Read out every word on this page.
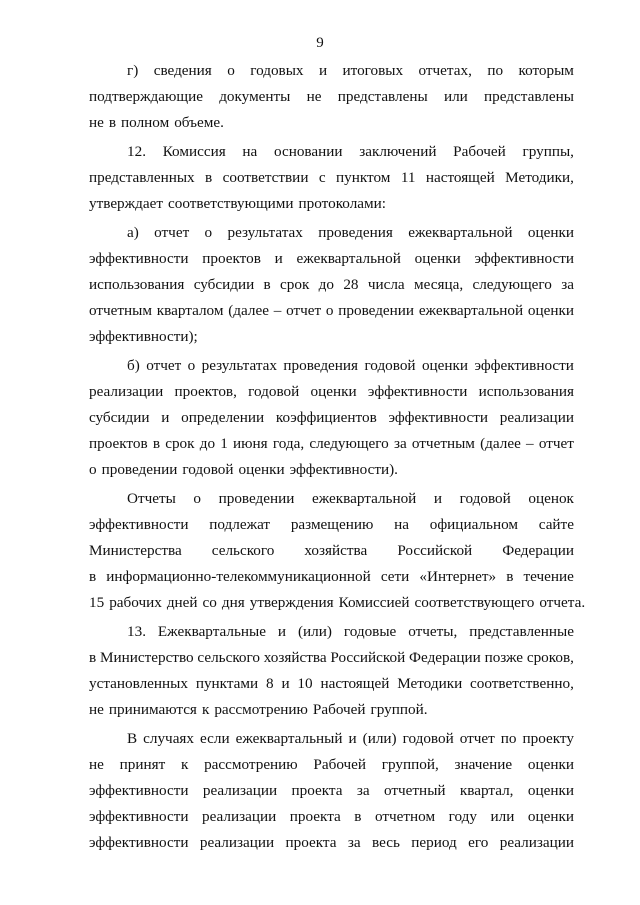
9
г) сведения о годовых и итоговых отчетах, по которым
подтверждающие документы не представлены или представлены
не в полном объеме.
12. Комиссия на основании заключений Рабочей группы,
представленных в соответствии с пунктом 11 настоящей Методики,
утверждает соответствующими протоколами:
а) отчет о результатах проведения ежеквартальной оценки
эффективности проектов и ежеквартальной оценки эффективности
использования субсидии в срок до 28 числа месяца, следующего за
отчетным кварталом (далее – отчет о проведении ежеквартальной оценки
эффективности);
б) отчет о результатах проведения годовой оценки эффективности
реализации проектов, годовой оценки эффективности использования
субсидии и определении коэффициентов эффективности реализации
проектов в срок до 1 июня года, следующего за отчетным (далее – отчет
о проведении годовой оценки эффективности).
Отчеты о проведении ежеквартальной и годовой оценок
эффективности подлежат размещению на официальном сайте
Министерства сельского хозяйства Российской Федерации
в информационно-телекоммуникационной сети «Интернет» в течение
15 рабочих дней со дня утверждения Комиссией соответствующего отчета.
13. Ежеквартальные и (или) годовые отчеты, представленные
в Министерство сельского хозяйства Российской Федерации позже сроков,
установленных пунктами 8 и 10 настоящей Методики соответственно,
не принимаются к рассмотрению Рабочей группой.
В случаях если ежеквартальный и (или) годовой отчет по проекту
не принят к рассмотрению Рабочей группой, значение оценки
эффективности реализации проекта за отчетный квартал, оценки
эффективности реализации проекта в отчетном году или оценки
эффективности реализации проекта за весь период его реализации
